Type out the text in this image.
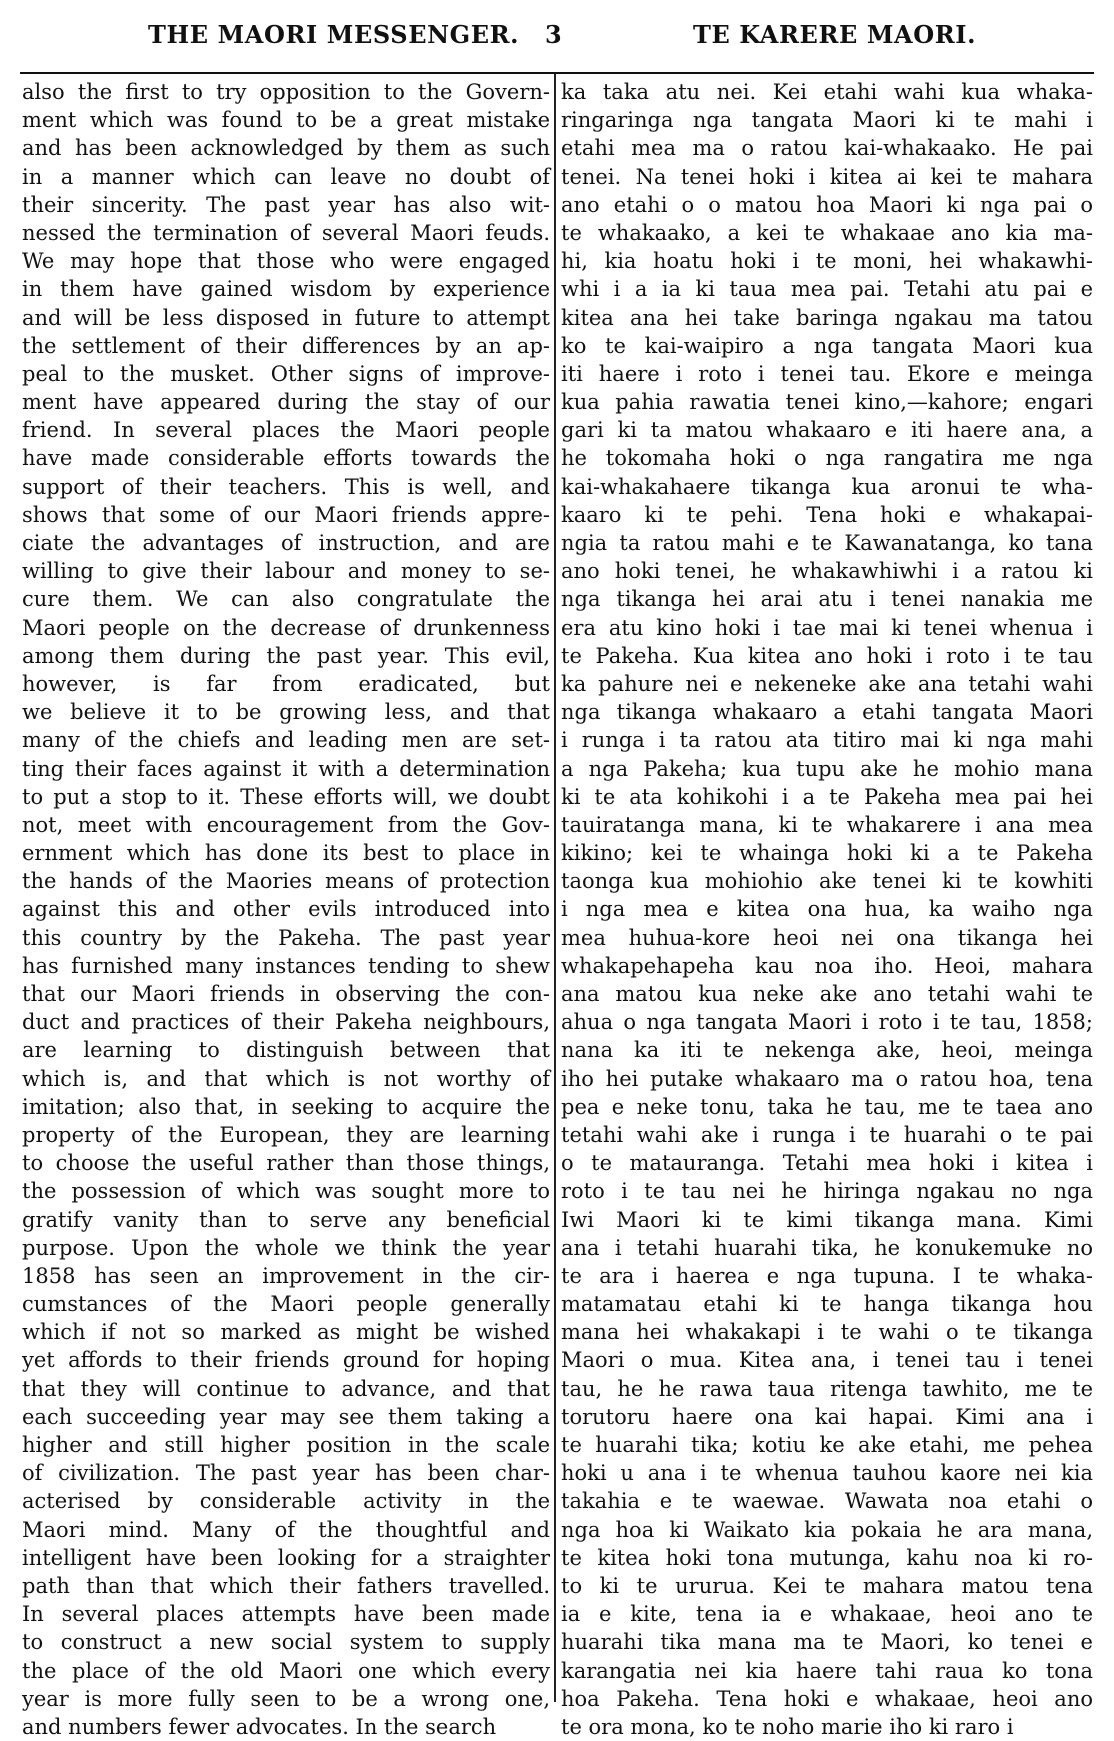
THE MAORI MESSENGER. 3	TE KARERE MAORI.
also the first to try opposition to the Govern-
ment which was found to be a great mistake
and has been acknowledged by them as such
in a manner which can leave no doubt of
their sincerity. The past year has also wit-
nessed the termination of several Maori feuds.
We may hope that those who were engaged
in them have gained wisdom by experience
and will be less disposed in future to attempt
the settlement of their differences by an ap-
peal to the musket. Other signs of improve-
ment have appeared during the stay of our
friend. In several places the Maori people
have made considerable efforts towards the
support of their teachers. This is well, and
shows that some of our Maori friends appre-
ciate the advantages of instruction, and are
willing to give their labour and money to se-
cure them. We can also congratulate the
Maori people on the decrease of drunkenness
among them during the past year. This evil,
however, is far from eradicated, but
we believe it to be growing less, and that
many of the chiefs and leading men are set-
ting their faces against it with a determination
to put a stop to it. These efforts will, we doubt
not, meet with encouragement from the Gov-
ernment which has done its best to place in
the hands of the Maories means of protection
against this and other evils introduced into
this country by the Pakeha. The past year
has furnished many instances tending to shew
that our Maori friends in observing the con-
duct and practices of their Pakeha neighbours,
are learning to distinguish between that
which is, and that which is not worthy of
imitation; also that, in seeking to acquire the
property of the European, they are learning
to choose the useful rather than those things,
the possession of which was sought more to
gratify vanity than to serve any beneficial
purpose. Upon the whole we think the year
1858 has seen an improvement in the cir-
cumstances of the Maori people generally
which if not so marked as might be wished
yet affords to their friends ground for hoping
that they will continue to advance, and that
each succeeding year may see them taking a
higher and still higher position in the scale
of civilization. The past year has been char-
acterised by considerable activity in the
Maori mind. Many of the thoughtful and
intelligent have been looking for a straighter
path than that which their fathers travelled.
In several places attempts have been made
to construct a new social system to supply
the place of the old Maori one which every
year is more fully seen to be a wrong one,
and numbers fewer advocates. In the search
ka taka atu nei. Kei etahi wahi kua whaka-
ringaringa nga tangata Maori ki te mahi i
etahi mea ma o ratou kai-whakaako. He pai
tenei. Na tenei hoki i kitea ai kei te mahara
ano etahi o o matou hoa Maori ki nga pai o
te whakaako, a kei te whakaae ano kia ma-
hi, kia hoatu hoki i te moni, hei whakawhi-
whi i a ia ki taua mea pai. Tetahi atu pai e
kitea ana hei take baringa ngakau ma tatou
ko te kai-waipiro a nga tangata Maori kua
iti haere i roto i tenei tau. Ekore e meinga
kua pahia rawatia tenei kino,—kahore; engari
gari ki ta matou whakaaro e iti haere ana, a
he tokomaha hoki o nga rangatira me nga
kai-whakahaere tikanga kua aronui te wha-
kaaro ki te pehi. Tena hoki e whakapai-
ngia ta ratou mahi e te Kawanatanga, ko tana
ano hoki tenei, he whakawhiwhi i a ratou ki
nga tikanga hei arai atu i tenei nanakia me
era atu kino hoki i tae mai ki tenei whenua i
te Pakeha. Kua kitea ano hoki i roto i te tau
ka pahure nei e nekeneke ake ana tetahi wahi
nga tikanga whakaaro a etahi tangata Maori
i runga i ta ratou ata titiro mai ki nga mahi
a nga Pakeha; kua tupu ake he mohio mana
ki te ata kohikohi i a te Pakeha mea pai hei
tauiratanga mana, ki te whakarere i ana mea
kikino; kei te whainga hoki ki a te Pakeha
taonga kua mohiohio ake tenei ki te kowhiti
i nga mea e kitea ona hua, ka waiho nga
mea huhua-kore heoi nei ona tikanga hei
whakapehapeha kau noa iho. Heoi, mahara
ana matou kua neke ake ano tetahi wahi te
ahua o nga tangata Maori i roto i te tau, 1858;
nana ka iti te nekenga ake, heoi, meinga
iho hei putake whakaaro ma o ratou hoa, tena
pea e neke tonu, taka he tau, me te taea ano
tetahi wahi ake i runga i te huarahi o te pai
o te matauranga. Tetahi mea hoki i kitea i
roto i te tau nei he hiringa ngakau no nga
Iwi Maori ki te kimi tikanga mana. Kimi
ana i tetahi huarahi tika, he konukemuke no
te ara i haerea e nga tupuna. I te whaka-
matamatau etahi ki te hanga tikanga hou
mana hei whakakapi i te wahi o te tikanga
Maori o mua. Kitea ana, i tenei tau i tenei
tau, he he rawa taua ritenga tawhito, me te
torutoru haere ona kai hapai. Kimi ana i
te huarahi tika; kotiu ke ake etahi, me pehea
hoki u ana i te whenua tauhou kaore nei kia
takahia e te waewae. Wawata noa etahi o
nga hoa ki Waikato kia pokaia he ara mana,
te kitea hoki tona mutunga, kahu noa ki ro-
to ki te ururua. Kei te mahara matou tena
ia e kite, tena ia e whakaae, heoi ano te
huarahi tika mana ma te Maori, ko tenei e
karangatia nei kia haere tahi raua ko tona
hoa Pakeha. Tena hoki e whakaae, heoi ano
te ora mona, ko te noho marie iho ki raro i
